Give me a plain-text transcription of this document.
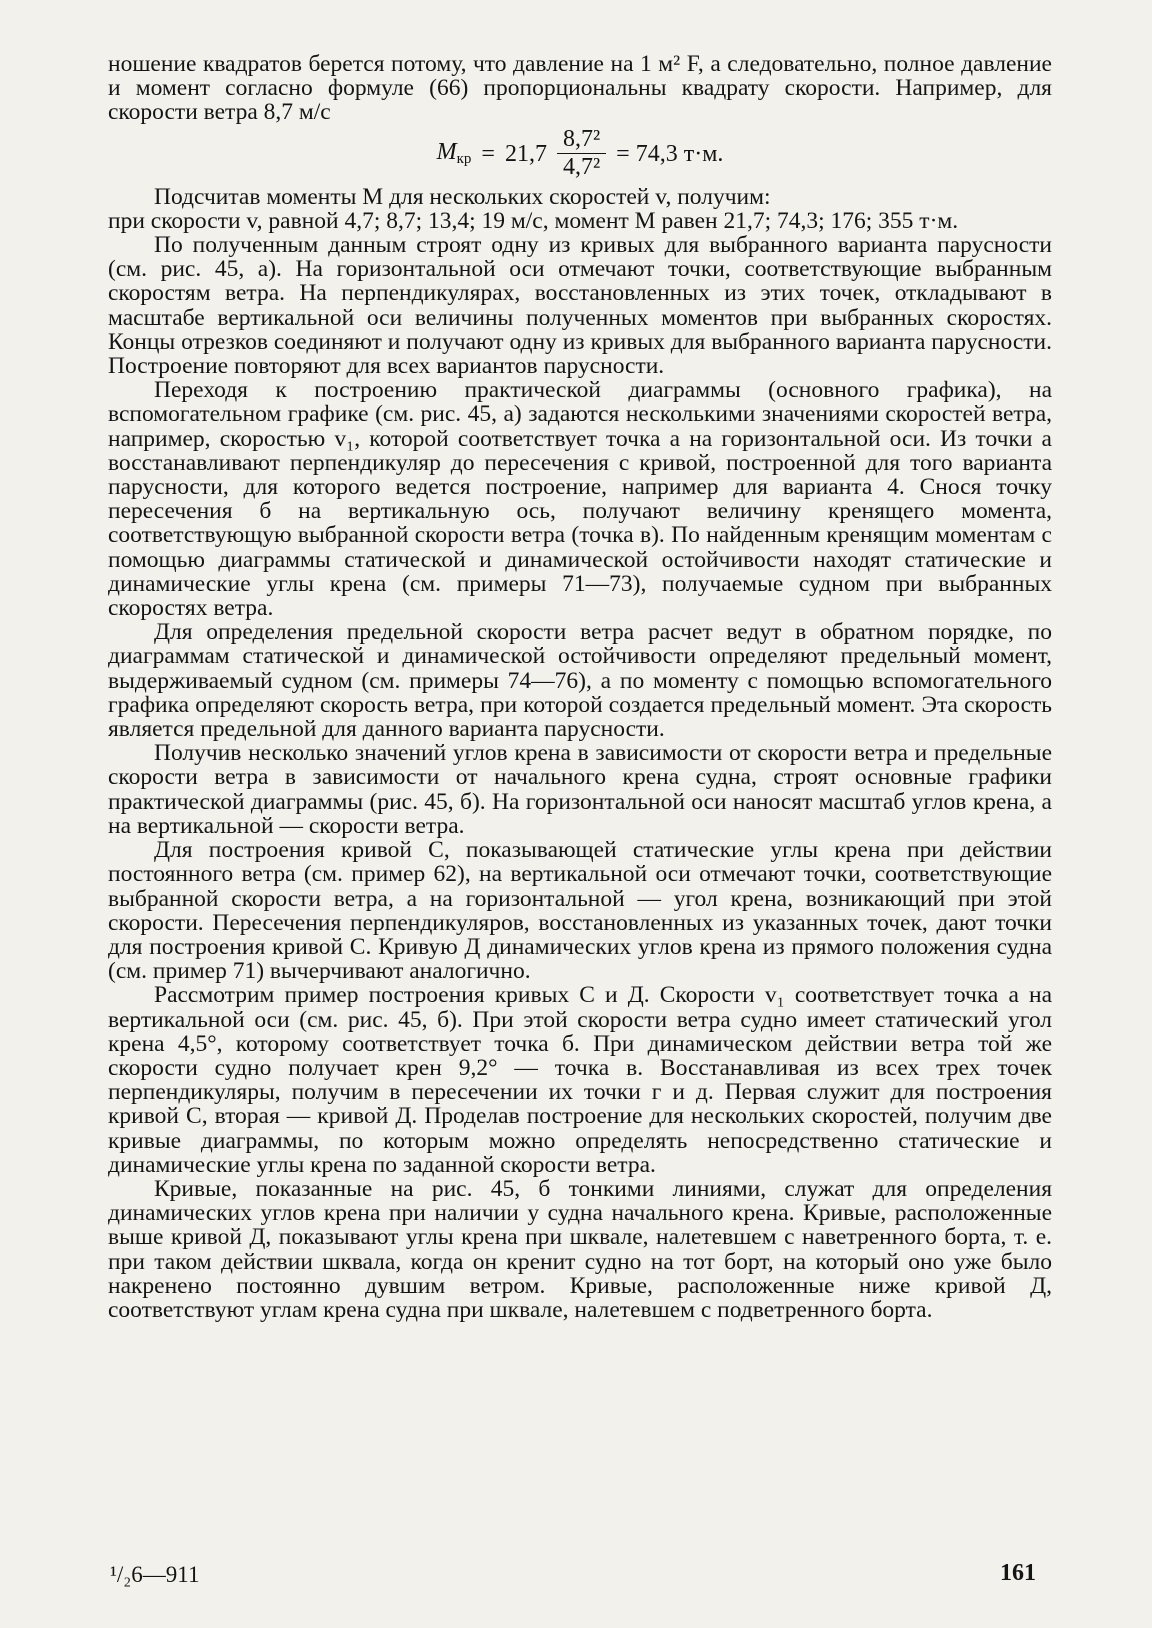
ношение квадратов берется потому, что давление на 1 м² F, а следовательно, полное давление и момент согласно формуле (66) пропорциональны квадрату скорости. Например, для скорости ветра 8,7 м/с

Mкр = $21,7 \frac{\text{8,7²}}{\text{4,7²}} = 74,3$ т·м.

Подсчитав моменты M для нескольких скоростей v, получим:

при скорости v, равной 4,7; 8,7; 13,4; 19 м/с, момент M равен 21,7; 74,3; 176; 355 т·м.

По полученным данным строят одну из кривых для выбранного варианта парусности (см. рис. 45, а). На горизонтальной оси отмечают точки, соответствующие выбранным скоростям ветра. На перпендикулярах, восстановленных из этих точек, откладывают в масштабе вертикальной оси величины полученных моментов при выбранных скоростях. Концы отрезков соединяют и получают одну из кривых для выбранного варианта парусности. Построение повторяют для всех вариантов парусности.

Переходя к построению практической диаграммы (основного графика), на вспомогательном графике (см. рис. 45, а) задаются несколькими значениями скоростей ветра, например, скоростью v₁, которой соответствует точка а на горизонтальной оси. Из точки а восстанавливают перпендикуляр до пересечения с кривой, построенной для того варианта парусности, для которого ведется построение, например для варианта 4. Снося точку пересечения б на вертикальную ось, получают величину кренящего момента, соответствующую выбранной скорости ветра (точка в). По найденным кренящим моментам с помощью диаграммы статической и динамической остойчивости находят статические и динамические углы крена (см. примеры 71—73), получаемые судном при выбранных скоростях ветра.

Для определения предельной скорости ветра расчет ведут в обратном порядке, по диаграммам статической и динамической остойчивости определяют предельный момент, выдерживаемый судном (см. примеры 74—76), а по моменту с помощью вспомогательного графика определяют скорость ветра, при которой создается предельный момент. Эта скорость является предельной для данного варианта парусности.

Получив несколько значений углов крена в зависимости от скорости ветра и предельные скорости ветра в зависимости от начального крена судна, строят основные графики практической диаграммы (рис. 45, б). На горизонтальной оси наносят масштаб углов крена, а на вертикальной — скорости ветра.

Для построения кривой С, показывающей статические углы крена при действии постоянного ветра (см. пример 62), на вертикальной оси отмечают точки, соответствующие выбранной скорости ветра, а на горизонтальной — угол крена, возникающий при этой скорости. Пересечения перпендикуляров, восстановленных из указанных точек, дают точки для построения кривой С. Кривую Д динамических углов крена из прямого положения судна (см. пример 71) вычерчивают аналогично.

Рассмотрим пример построения кривых С и Д. Скорости v₁ соответствует точка а на вертикальной оси (см. рис. 45, б). При этой скорости ветра судно имеет статический угол крена 4,5°, которому соответствует точка б. При динамическом действии ветра той же скорости судно получает крен 9,2° — точка в. Восстанавливая из всех трех точек перпендикуляры, получим в пересечении их точки г и д. Первая служит для построения кривой С, вторая — кривой Д. Проделав построение для нескольких скоростей, получим две кривые диаграммы, по которым можно определять непосредственно статические и динамические углы крена по заданной скорости ветра.

Кривые, показанные на рис. 45, б тонкими линиями, служат для определения динамических углов крена при наличии у судна начального крена. Кривые, расположенные выше кривой Д, показывают углы крена при шквале, налетевшем с наветренного борта, т. е. при таком действии шквала, когда он кренит судно на тот борт, на который оно уже было накренено постоянно дувшим ветром. Кривые, расположенные ниже кривой Д, соответствуют углам крена судна при шквале, налетевшем с подветренного борта.

¹/₂6—911	161
